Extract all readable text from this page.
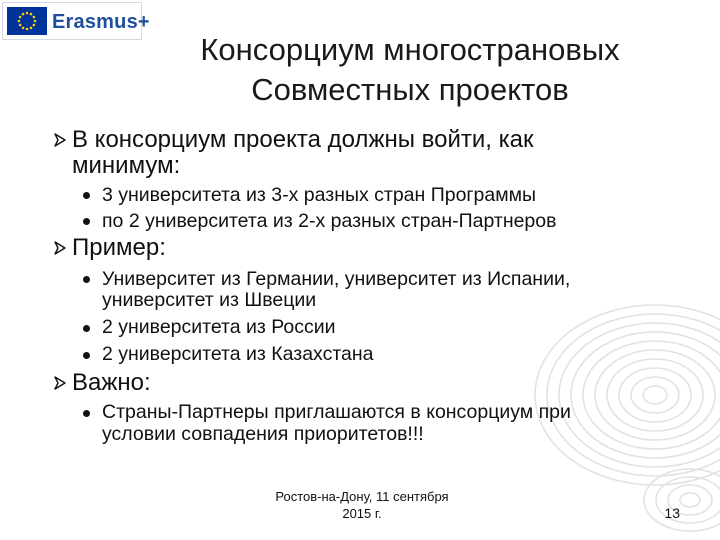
Erasmus+
Консорциум многострановых
Совместных проектов
В консорциум проекта должны войти, как
минимум:
3 университета из 3-х разных стран Программы
по 2 университета из 2-х разных стран-Партнеров
Пример:
Университет из Германии, университет из Испании,
университет из Швеции
2 университета из России
2 университета из Казахстана
Важно:
Страны-Партнеры приглашаются в консорциум при
условии совпадения приоритетов!!!
Ростов-на-Дону, 11 сентября
2015 г.	13
